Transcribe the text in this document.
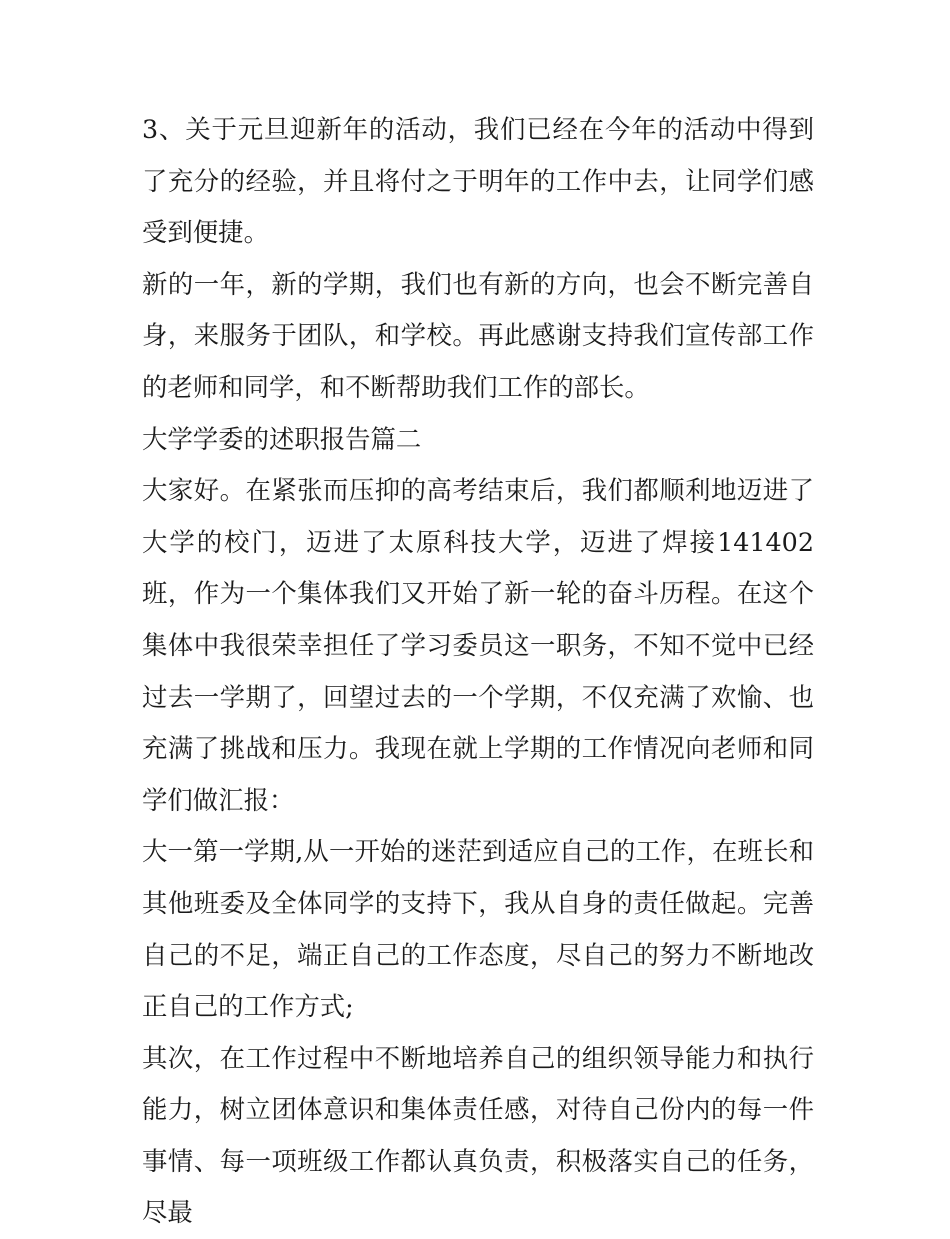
3、关于元旦迎新年的活动，我们已经在今年的活动中得到了充分的经验，并且将付之于明年的工作中去，让同学们感受到便捷。

新的一年，新的学期，我们也有新的方向，也会不断完善自身，来服务于团队，和学校。再此感谢支持我们宣传部工作的老师和同学，和不断帮助我们工作的部长。

大学学委的述职报告篇二

大家好。在紧张而压抑的高考结束后，我们都顺利地迈进了大学的校门，迈进了太原科技大学，迈进了焊接141402班，作为一个集体我们又开始了新一轮的奋斗历程。在这个集体中我很荣幸担任了学习委员这一职务，不知不觉中已经过去一学期了，回望过去的一个学期，不仅充满了欢愉、也充满了挑战和压力。我现在就上学期的工作情况向老师和同学们做汇报：

大一第一学期,从一开始的迷茫到适应自己的工作，在班长和其他班委及全体同学的支持下，我从自身的责任做起。完善自己的不足，端正自己的工作态度，尽自己的努力不断地改正自己的工作方式;

其次，在工作过程中不断地培养自己的组织领导能力和执行能力，树立团体意识和集体责任感，对待自己份内的每一件事情、每一项班级工作都认真负责，积极落实自己的任务，尽最
